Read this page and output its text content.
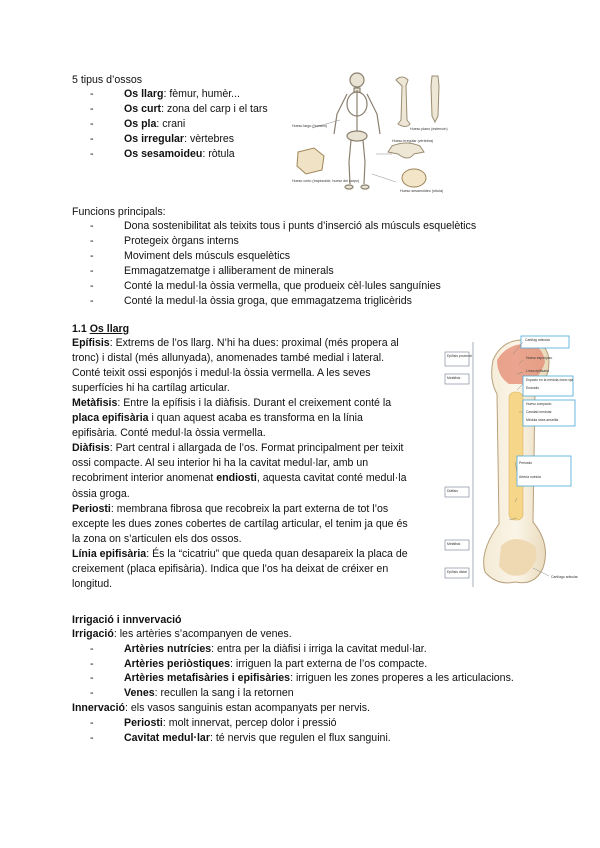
5 tipus d’ossos
-	Os llarg: fèmur, humèr...
-	Os curt: zona del carp i el tars
-	Os pla: crani
-	Os irregular: vèrtebres
-	Os sesamoideu: ròtula
Hueso largo (humero)
Hueso irregular (vértebra)
Hueso corto (trapezoide, hueso del carpo)
Hueso sesamoideo (rótula)
Hueso plano (esternón)
Funcions principals:
-	Dona sostenibilitat als teixits tous i punts d’inserció als músculs esquelètics
-	Protegeix òrgans interns
-	Moviment dels músculs esquelètics
-	Emmagatzematge i alliberament de minerals
-	Conté la medul·la òssia vermella, que produeix cèl·lules sanguínies
-	Conté la medul·la òssia groga, que emmagatzema triglicèrids
1.1 Os llarg
Epífisis: Extrems de l’os llarg. N’hi ha dues: proximal (més propera al
tronc) i distal (més allunyada), anomenades també medial i lateral.
Conté teixit ossi esponjós i medul·la òssia vermella. A les seves
superfícies hi ha cartílag articular.
Metàfisis: Entre la epífisis i la diàfisis. Durant el creixement conté la
placa epifisària i quan aquest acaba es transforma en la línia
epifisària. Conté medul·la òssia vermella.
Diàfisis: Part central i allargada de l’os. Format principalment per teixit
ossi compacte. Al seu interior hi ha la cavitat medul·lar, amb un
recobriment interior anomenat endiosti, aquesta cavitat conté medul·la
òssia groga.
Periosti: membrana fibrosa que recobreix la part externa de tot l’os
excepte les dues zones cobertes de cartílag articular, el tenim ja que és
la zona on s’articulen els dos ossos.
Línia epifisària: És la “cicatriu” que queda quan desapareix la placa de
creixement (placa epifisària). Indica que l’os ha deixat de créixer en
longitud.
Epífisis proximal
Metàfisis
Diàfisis
Metàfisis
Epífisis distal
Cartílag articular
Hueso esponjoso
Línea epifisaria
Espacio en la médula ósea roja
Endostio
Hueso compacto
Cavidad medular
Médula ósea amarilla
Periostio
Arteria nutricia
Cartílago articular
Irrigació i innvervació
Irrigació: les artèries s’acompanyen de venes.
-	Artèries nutrícies: entra per la diàfisi i irriga la cavitat medul·lar.
-	Artèries periòstiques: irriguen la part externa de l’os compacte.
-	Artèries metafisàries i epifisàries: irriguen les zones properes a les articulacions.
-	Venes: recullen la sang i la retornen
Innervació: els vasos sanguinis estan acompanyats per nervis.
-	Periosti: molt innervat, percep dolor i pressió
-	Cavitat medul·lar: té nervis que regulen el flux sanguini.
